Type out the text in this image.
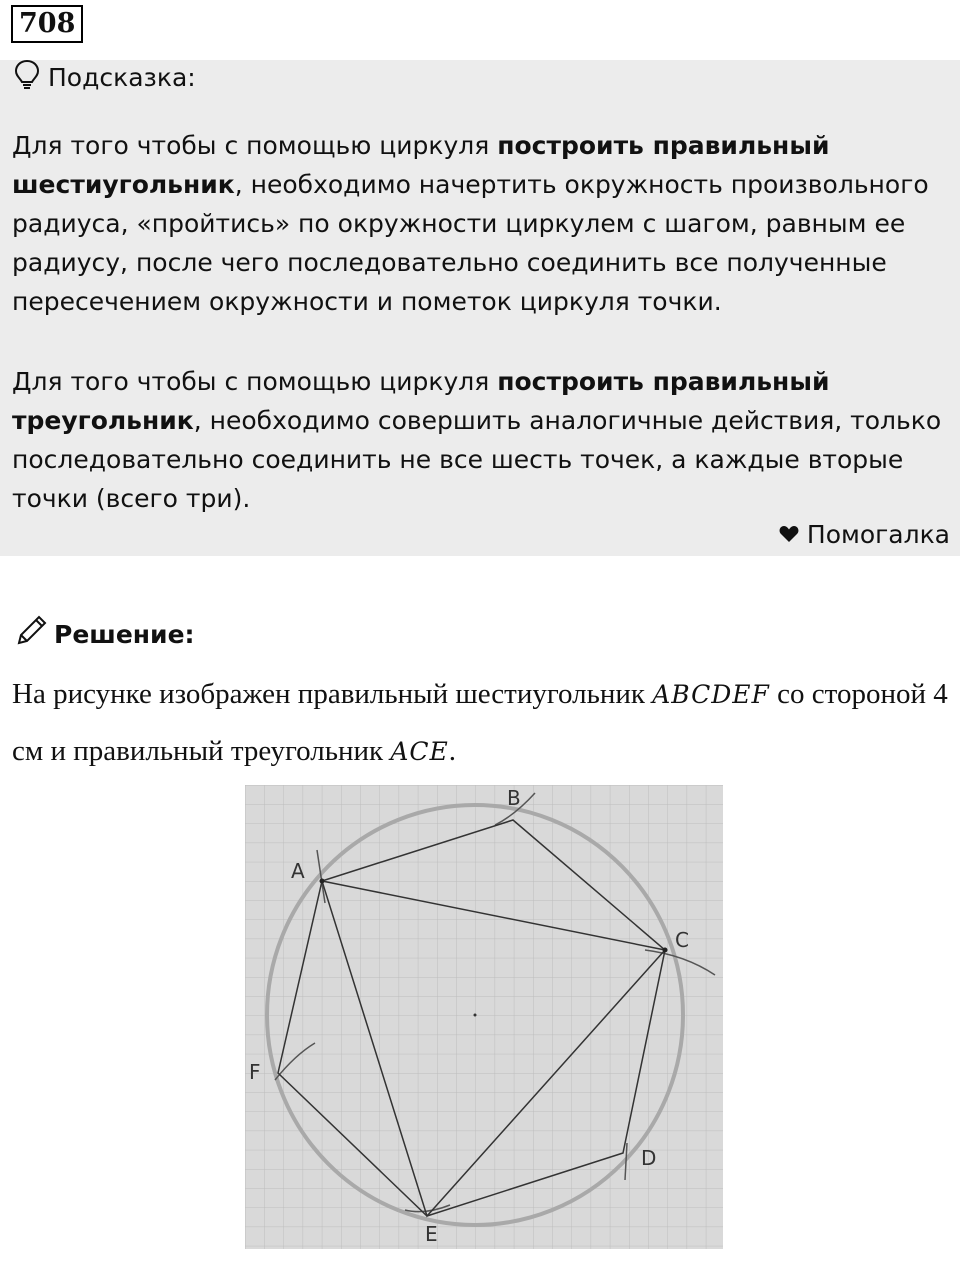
708
Подсказка:

Для того чтобы с помощью циркуля построить правильный шестиугольник, необходимо начертить окружность произвольного радиуса, «пройтись» по окружности циркулем с шагом, равным ее радиусу, после чего последовательно соединить все полученные пересечением окружности и пометок циркуля точки.

Для того чтобы с помощью циркуля построить правильный треугольник, необходимо совершить аналогичные действия, только последовательно соединить не все шесть точек, а каждые вторые точки (всего три).

Помогалка
Решение:

На рисунке изображен правильный шестиугольник ABCDEF со стороной 4 см и правильный треугольник ACE.

A
B
C
D
E
F
